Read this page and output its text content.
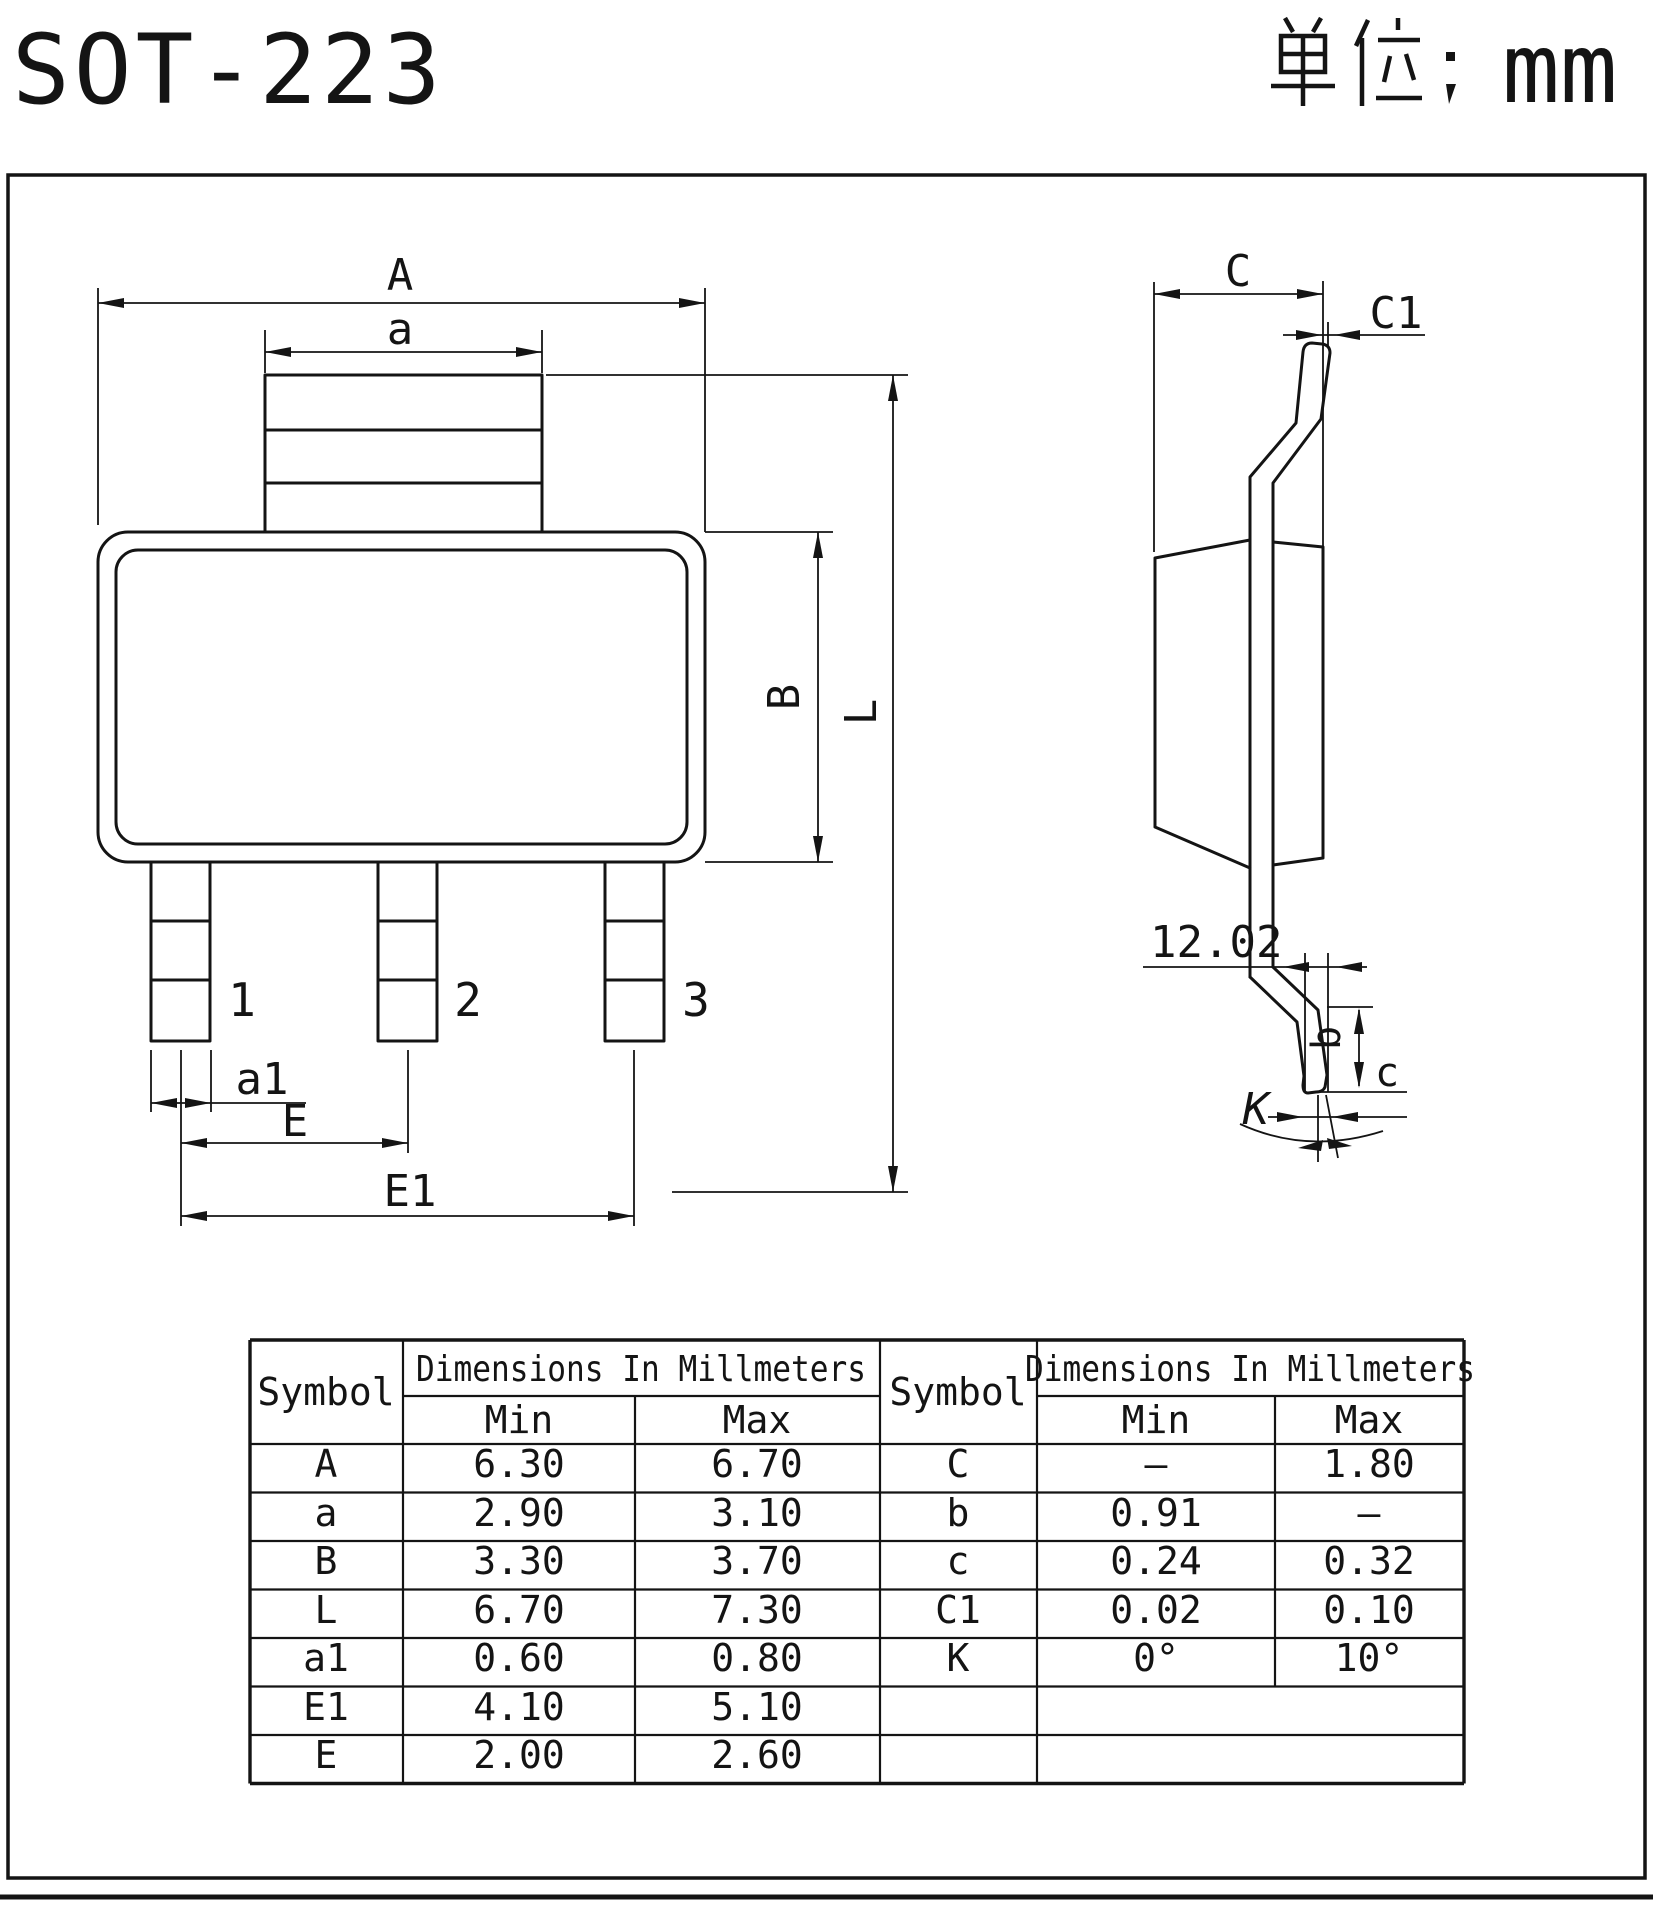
SOT-223	mm
1	2	3
A
a
B
L
a1
E
E1
C
C1
12.02
b
c
K
Symbol
Dimensions In Millmeters
Min	Max
Symbol
Dimensions In Millmeters
Min	Max
A	6.30	6.70
a	2.90	3.10
B	3.30	3.70
L	6.70	7.30
a1	0.60	0.80
E1	4.10	5.10
E	2.00	2.60
C	–	1.80
b	0.91	–
c	0.24	0.32
C1	0.02	0.10
K	0°	10°
